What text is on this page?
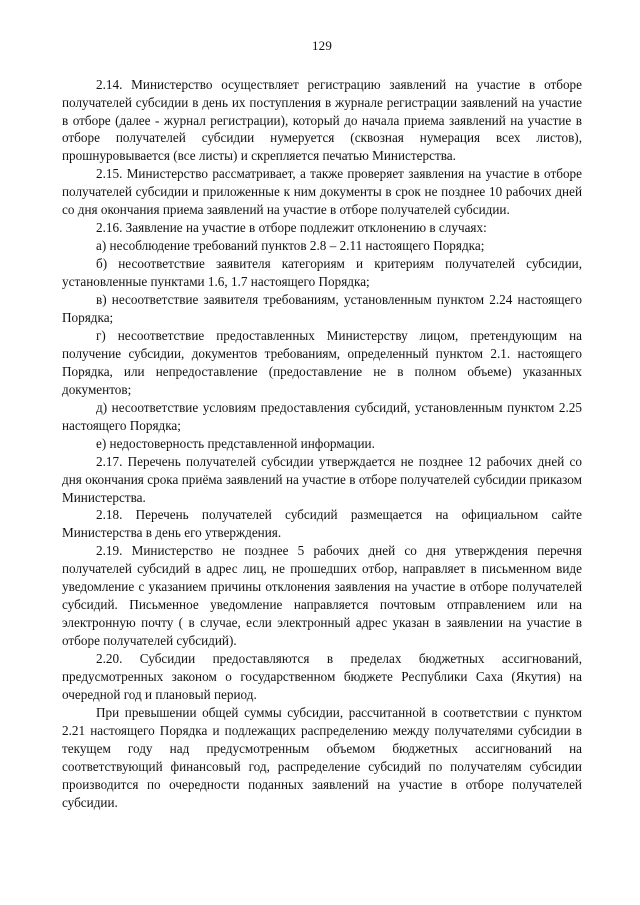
129

2.14. Министерство осуществляет регистрацию заявлений на участие в отборе получателей субсидии в день их поступления в журнале регистрации заявлений на участие в отборе (далее - журнал регистрации), который до начала приема заявлений на участие в отборе получателей субсидии нумеруется (сквозная нумерация всех листов), прошнуровывается (все листы) и скрепляется печатью Министерства.

2.15. Министерство рассматривает, а также проверяет заявления на участие в отборе получателей субсидии и приложенные к ним документы в срок не позднее 10 рабочих дней со дня окончания приема заявлений на участие в отборе получателей субсидии.

2.16. Заявление на участие в отборе подлежит отклонению в случаях:

а) несоблюдение требований пунктов 2.8 – 2.11 настоящего Порядка;

б) несоответствие заявителя категориям и критериям получателей субсидии, установленные пунктами 1.6, 1.7 настоящего Порядка;

в) несоответствие заявителя требованиям, установленным пунктом 2.24 настоящего Порядка;

г) несоответствие предоставленных Министерству лицом, претендующим на получение субсидии, документов требованиям, определенный пунктом 2.1. настоящего Порядка, или непредоставление (предоставление не в полном объеме) указанных документов;

д) несоответствие условиям предоставления субсидий, установленным пунктом 2.25 настоящего Порядка;

е) недостоверность представленной информации.

2.17. Перечень получателей субсидии утверждается не позднее 12 рабочих дней со дня окончания срока приёма заявлений на участие в отборе получателей субсидии приказом Министерства.

2.18. Перечень получателей субсидий размещается на официальном сайте Министерства в день его утверждения.

2.19. Министерство не позднее 5 рабочих дней со дня утверждения перечня получателей субсидий в адрес лиц, не прошедших отбор, направляет в письменном виде уведомление с указанием причины отклонения заявления на участие в отборе получателей субсидий. Письменное уведомление направляется почтовым отправлением или на электронную почту ( в случае, если электронный адрес указан в заявлении на участие в отборе получателей субсидий).

2.20. Субсидии предоставляются в пределах бюджетных ассигнований, предусмотренных законом о государственном бюджете Республики Саха (Якутия) на очередной год и плановый период.

При превышении общей суммы субсидии, рассчитанной в соответствии с пунктом 2.21 настоящего Порядка и подлежащих распределению между получателями субсидии в текущем году над предусмотренным объемом бюджетных ассигнований на соответствующий финансовый год, распределение субсидий по получателям субсидии производится по очередности поданных заявлений на участие в отборе получателей субсидии.
